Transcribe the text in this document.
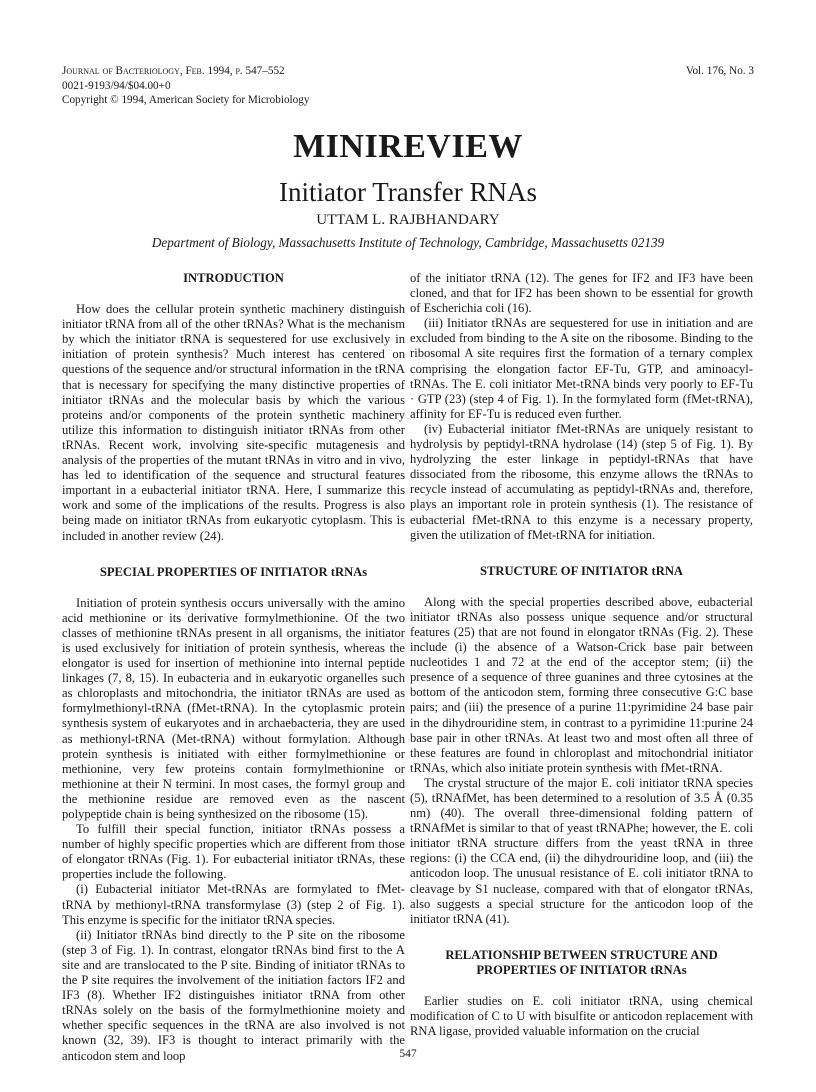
Journal of Bacteriology, Feb. 1994, p. 547–552
0021-9193/94/$04.00+0
Copyright © 1994, American Society for Microbiology
Vol. 176, No. 3
MINIREVIEW
Initiator Transfer RNAs
UTTAM L. RAJBHANDARY
Department of Biology, Massachusetts Institute of Technology, Cambridge, Massachusetts 02139
INTRODUCTION

How does the cellular protein synthetic machinery distinguish initiator tRNA from all of the other tRNAs? What is the mechanism by which the initiator tRNA is sequestered for use exclusively in initiation of protein synthesis? Much interest has centered on questions of the sequence and/or structural information in the tRNA that is necessary for specifying the many distinctive properties of initiator tRNAs and the molecular basis by which the various proteins and/or components of the protein synthetic machinery utilize this information to distinguish initiator tRNAs from other tRNAs. Recent work, involving site-specific mutagenesis and analysis of the properties of the mutant tRNAs in vitro and in vivo, has led to identification of the sequence and structural features important in a eubacterial initiator tRNA. Here, I summarize this work and some of the implications of the results. Progress is also being made on initiator tRNAs from eukaryotic cytoplasm. This is included in another review (24).

SPECIAL PROPERTIES OF INITIATOR tRNAs

Initiation of protein synthesis occurs universally with the amino acid methionine or its derivative formylmethionine. Of the two classes of methionine tRNAs present in all organisms, the initiator is used exclusively for initiation of protein synthesis, whereas the elongator is used for insertion of methionine into internal peptide linkages (7, 8, 15). In eubacteria and in eukaryotic organelles such as chloroplasts and mitochondria, the initiator tRNAs are used as formylmethionyl-tRNA (fMet-tRNA). In the cytoplasmic protein synthesis system of eukaryotes and in archaebacteria, they are used as methionyl-tRNA (Met-tRNA) without formylation. Although protein synthesis is initiated with either formylmethionine or methionine, very few proteins contain formylmethionine or methionine at their N termini. In most cases, the formyl group and the methionine residue are removed even as the nascent polypeptide chain is being synthesized on the ribosome (15).

To fulfill their special function, initiator tRNAs possess a number of highly specific properties which are different from those of elongator tRNAs (Fig. 1). For eubacterial initiator tRNAs, these properties include the following.

(i) Eubacterial initiator Met-tRNAs are formylated to fMet-tRNA by methionyl-tRNA transformylase (3) (step 2 of Fig. 1). This enzyme is specific for the initiator tRNA species.

(ii) Initiator tRNAs bind directly to the P site on the ribosome (step 3 of Fig. 1). In contrast, elongator tRNAs bind first to the A site and are translocated to the P site. Binding of initiator tRNAs to the P site requires the involvement of the initiation factors IF2 and IF3 (8). Whether IF2 distinguishes initiator tRNA from other tRNAs solely on the basis of the formylmethionine moiety and whether specific sequences in the tRNA are also involved is not known (32, 39). IF3 is thought to interact primarily with the anticodon stem and loop

of the initiator tRNA (12). The genes for IF2 and IF3 have been cloned, and that for IF2 has been shown to be essential for growth of Escherichia coli (16).

(iii) Initiator tRNAs are sequestered for use in initiation and are excluded from binding to the A site on the ribosome. Binding to the ribosomal A site requires first the formation of a ternary complex comprising the elongation factor EF-Tu, GTP, and aminoacyl-tRNAs. The E. coli initiator Met-tRNA binds very poorly to EF-Tu · GTP (23) (step 4 of Fig. 1). In the formylated form (fMet-tRNA), affinity for EF-Tu is reduced even further.

(iv) Eubacterial initiator fMet-tRNAs are uniquely resistant to hydrolysis by peptidyl-tRNA hydrolase (14) (step 5 of Fig. 1). By hydrolyzing the ester linkage in peptidyl-tRNAs that have dissociated from the ribosome, this enzyme allows the tRNAs to recycle instead of accumulating as peptidyl-tRNAs and, therefore, plays an important role in protein synthesis (1). The resistance of eubacterial fMet-tRNA to this enzyme is a necessary property, given the utilization of fMet-tRNA for initiation.

STRUCTURE OF INITIATOR tRNA

Along with the special properties described above, eubacterial initiator tRNAs also possess unique sequence and/or structural features (25) that are not found in elongator tRNAs (Fig. 2). These include (i) the absence of a Watson-Crick base pair between nucleotides 1 and 72 at the end of the acceptor stem; (ii) the presence of a sequence of three guanines and three cytosines at the bottom of the anticodon stem, forming three consecutive G:C base pairs; and (iii) the presence of a purine 11:pyrimidine 24 base pair in the dihydrouridine stem, in contrast to a pyrimidine 11:purine 24 base pair in other tRNAs. At least two and most often all three of these features are found in chloroplast and mitochondrial initiator tRNAs, which also initiate protein synthesis with fMet-tRNA.

The crystal structure of the major E. coli initiator tRNA species (5), tRNAfMet, has been determined to a resolution of 3.5 Å (0.35 nm) (40). The overall three-dimensional folding pattern of tRNAfMet is similar to that of yeast tRNAPhe; however, the E. coli initiator tRNA structure differs from the yeast tRNA in three regions: (i) the CCA end, (ii) the dihydrouridine loop, and (iii) the anticodon loop. The unusual resistance of E. coli initiator tRNA to cleavage by S1 nuclease, compared with that of elongator tRNAs, also suggests a special structure for the anticodon loop of the initiator tRNA (41).

RELATIONSHIP BETWEEN STRUCTURE AND
PROPERTIES OF INITIATOR tRNAs

Earlier studies on E. coli initiator tRNA, using chemical modification of C to U with bisulfite or anticodon replacement with RNA ligase, provided valuable information on the crucial

547
